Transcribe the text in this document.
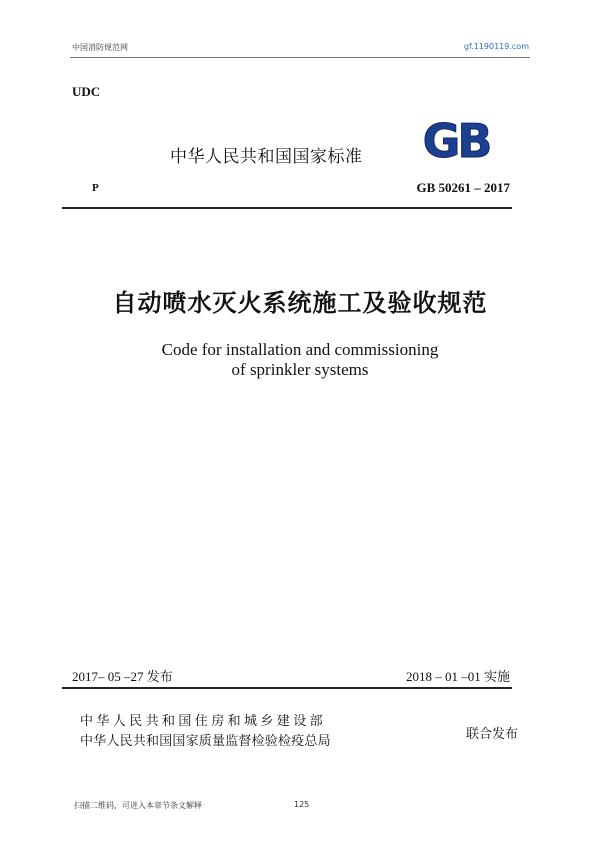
中国消防规范网	gf.1190119.com
UDC
中华人民共和国国家标准 GB
P	GB 50261 – 2017
自动喷水灭火系统施工及验收规范
Code for installation and commissioning
of sprinkler systems
2017– 05 –27 发布	2018 – 01 –01 实施
中华人民共和国住房和城乡建设部
中华人民共和国国家质量监督检验检疫总局	联合发布
扫描二维码，可进入本章节条文解释	125
